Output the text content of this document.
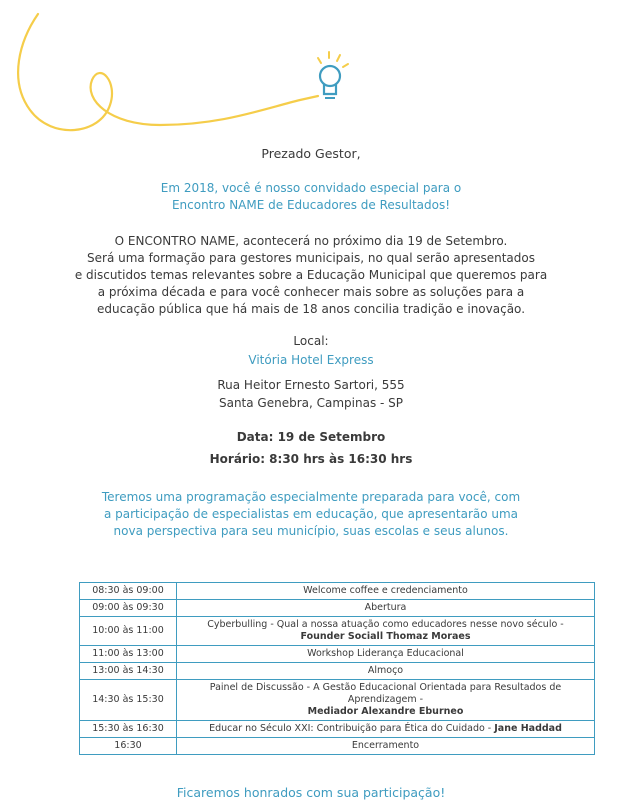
Prezado Gestor,
Em 2018, você é nosso convidado especial para o
Encontro NAME de Educadores de Resultados!
O ENCONTRO NAME, acontecerá no próximo dia 19 de Setembro.
Será uma formação para gestores municipais, no qual serão apresentados
e discutidos temas relevantes sobre a Educação Municipal que queremos para
a próxima década e para você conhecer mais sobre as soluções para a
educação pública que há mais de 18 anos concilia tradição e inovação.
Local:
Vitória Hotel Express
Rua Heitor Ernesto Sartori, 555
Santa Genebra, Campinas - SP
Data: 19 de Setembro
Horário: 8:30 hrs às 16:30 hrs
Teremos uma programação especialmente preparada para você, com
a participação de especialistas em educação, que apresentarão uma
nova perspectiva para seu município, suas escolas e seus alunos.
08:30 às 09:00	Welcome coffee e credenciamento
09:00 às 09:30	Abertura
10:00 às 11:00	Cyberbulling - Qual a nossa atuação como educadores nesse novo século -
Founder Sociall Thomaz Moraes

11:00 às 13:00	Workshop Liderança Educacional
13:00 às 14:30	Almoço
14:30 às 15:30	Painel de Discussão - A Gestão Educacional Orientada para Resultados de Aprendizagem -
Mediador Alexandre Eburneo

15:30 às 16:30	Educar no Século XXI: Contribuição para Ética do Cuidado - Jane Haddad
16:30	Encerramento
Ficaremos honrados com sua participação!
